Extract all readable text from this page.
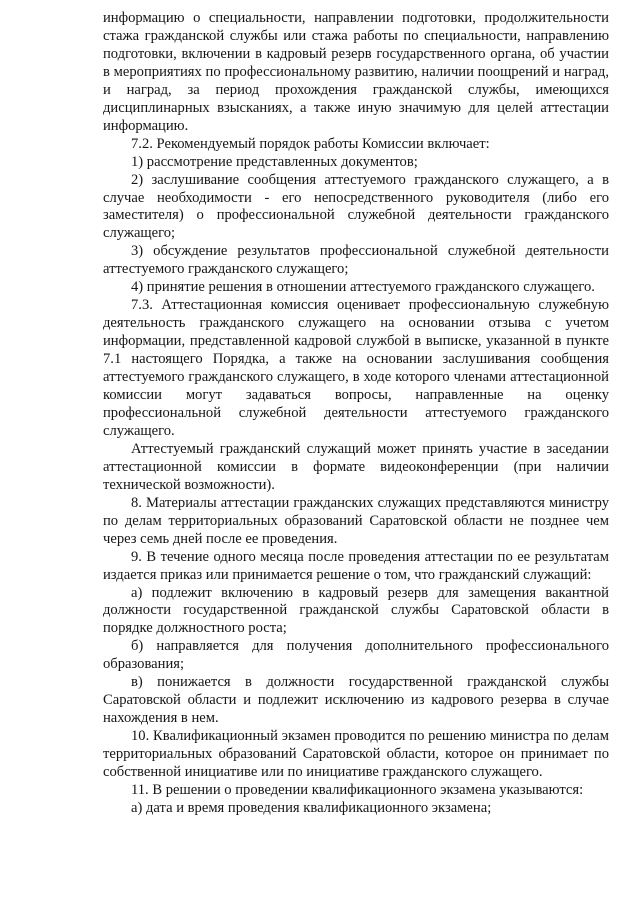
информацию о специальности, направлении подготовки, продолжительности стажа гражданской службы или стажа работы по специальности, направлению подготовки, включении в кадровый резерв государственного органа, об участии в мероприятиях по профессиональному развитию, наличии поощрений и наград, и наград, за период прохождения гражданской службы, имеющихся дисциплинарных взысканиях, а также иную значимую для целей аттестации информацию.

7.2. Рекомендуемый порядок работы Комиссии включает:

1) рассмотрение представленных документов;

2) заслушивание сообщения аттестуемого гражданского служащего, а в случае необходимости - его непосредственного руководителя (либо его заместителя) о профессиональной служебной деятельности гражданского служащего;

3) обсуждение результатов профессиональной служебной деятельности аттестуемого гражданского служащего;

4) принятие решения в отношении аттестуемого гражданского служащего.

7.3. Аттестационная комиссия оценивает профессиональную служебную деятельность гражданского служащего на основании отзыва с учетом информации, представленной кадровой службой в выписке, указанной в пункте 7.1 настоящего Порядка, а также на основании заслушивания сообщения аттестуемого гражданского служащего, в ходе которого членами аттестационной комиссии могут задаваться вопросы, направленные на оценку профессиональной служебной деятельности аттестуемого гражданского служащего.

Аттестуемый гражданский служащий может принять участие в заседании аттестационной комиссии в формате видеоконференции (при наличии технической возможности).

8. Материалы аттестации гражданских служащих представляются министру по делам территориальных образований Саратовской области не позднее чем через семь дней после ее проведения.

9. В течение одного месяца после проведения аттестации по ее результатам издается приказ или принимается решение о том, что гражданский служащий:

а) подлежит включению в кадровый резерв для замещения вакантной должности государственной гражданской службы Саратовской области в порядке должностного роста;

б) направляется для получения дополнительного профессионального образования;

в) понижается в должности государственной гражданской службы Саратовской области и подлежит исключению из кадрового резерва в случае нахождения в нем.

10. Квалификационный экзамен проводится по решению министра по делам территориальных образований Саратовской области, которое он принимает по собственной инициативе или по инициативе гражданского служащего.

11. В решении о проведении квалификационного экзамена указываются:

а) дата и время проведения квалификационного экзамена;
